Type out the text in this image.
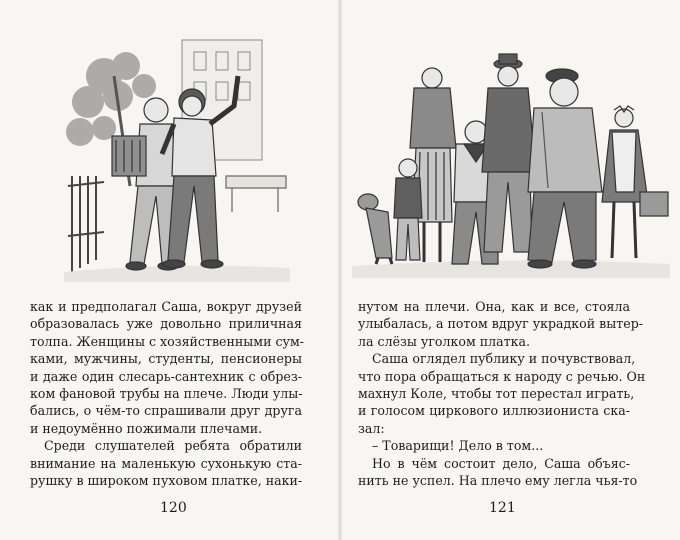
как и предполагал Саша, вокруг друзей
образовалась уже довольно приличная
толпа. Женщины с хозяйственными сум-
ками, мужчины, студенты, пенсионеры
и даже один слесарь-сантехник с обрез-
ком фановой трубы на плече. Люди улы-
бались, о чём-то спрашивали друг друга
и недоумённо пожимали плечами.
Среди слушателей ребята обратили
внимание на маленькую сухонькую ста-
рушку в широком пуховом платке, наки-
120
нутом на плечи. Она, как и все, стояла
улыбалась, а потом вдруг украдкой вытер-
ла слёзы уголком платка.
Саша оглядел публику и почувствовал,
что пора обращаться к народу с речью. Он
махнул Коле, чтобы тот перестал играть,
и голосом циркового иллюзиониста ска-
зал:
– Товарищи! Дело в том...
Но в чём состоит дело, Саша объяс-
нить не успел. На плечо ему легла чья-то
121
